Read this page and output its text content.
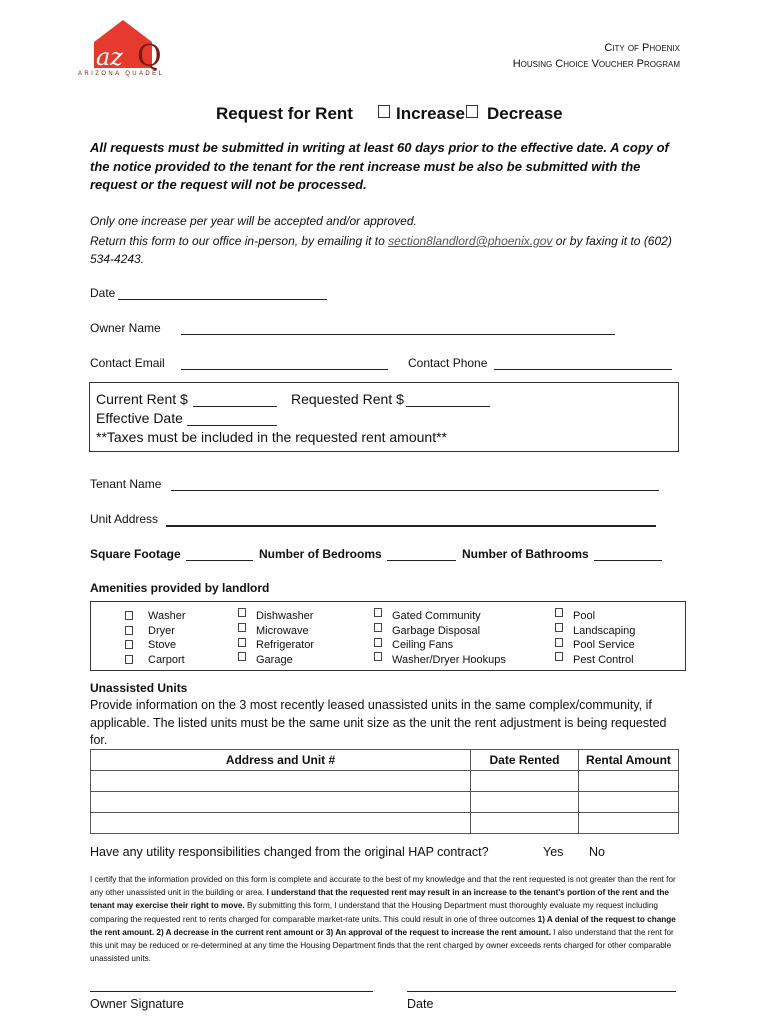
az Q
ARIZONA QUADEL
City of Phoenix
Housing Choice Voucher Program
Request for Rent	Increase Decrease
All requests must be submitted in writing at least 60 days prior to the effective date. A copy of the notice provided to the tenant for the rent increase must be also be submitted with the request or the request will not be processed.
Only one increase per year will be accepted and/or approved.
Return this form to our office in-person, by emailing it to section8landlord@phoenix.gov or by faxing it to (602) 534-4243.
Date
Owner Name
Contact Email	Contact Phone
Current Rent $	Requested Rent $
Effective Date
**Taxes must be included in the requested rent amount**
Tenant Name
Unit Address
Square Footage	Number of Bedrooms	Number of Bathrooms
Amenities provided by landlord
Washer
Dryer
Stove
Carport
Dishwasher
Microwave
Refrigerator
Garage
Gated Community
Garbage Disposal
Ceiling Fans
Washer/Dryer Hookups
Pool
Landscaping
Pool Service
Pest Control
Unassisted Units
Provide information on the 3 most recently leased unassisted units in the same complex/community, if applicable. The listed units must be the same unit size as the unit the rent adjustment is being requested for.
Address and Unit #	Date Rented	Rental Amount

Have any utility responsibilities changed from the original HAP contract?	Yes No
I certify that the information provided on this form is complete and accurate to the best of my knowledge and that the rent requested is not greater than the rent for any other unassisted unit in the building or area. I understand that the requested rent may result in an increase to the tenant's portion of the rent and the tenant may exercise their right to move. By submitting this form, I understand that the Housing Department must thoroughly evaluate my request including comparing the requested rent to rents charged for comparable market-rate units. This could result in one of three outcomes 1) A denial of the request to change the rent amount. 2) A decrease in the current rent amount or 3) An approval of the request to increase the rent amount. I also understand that the rent for this unit may be reduced or re-determined at any time the Housing Department finds that the rent charged by owner exceeds rents charged for other comparable unassisted units.
Owner Signature	Date
